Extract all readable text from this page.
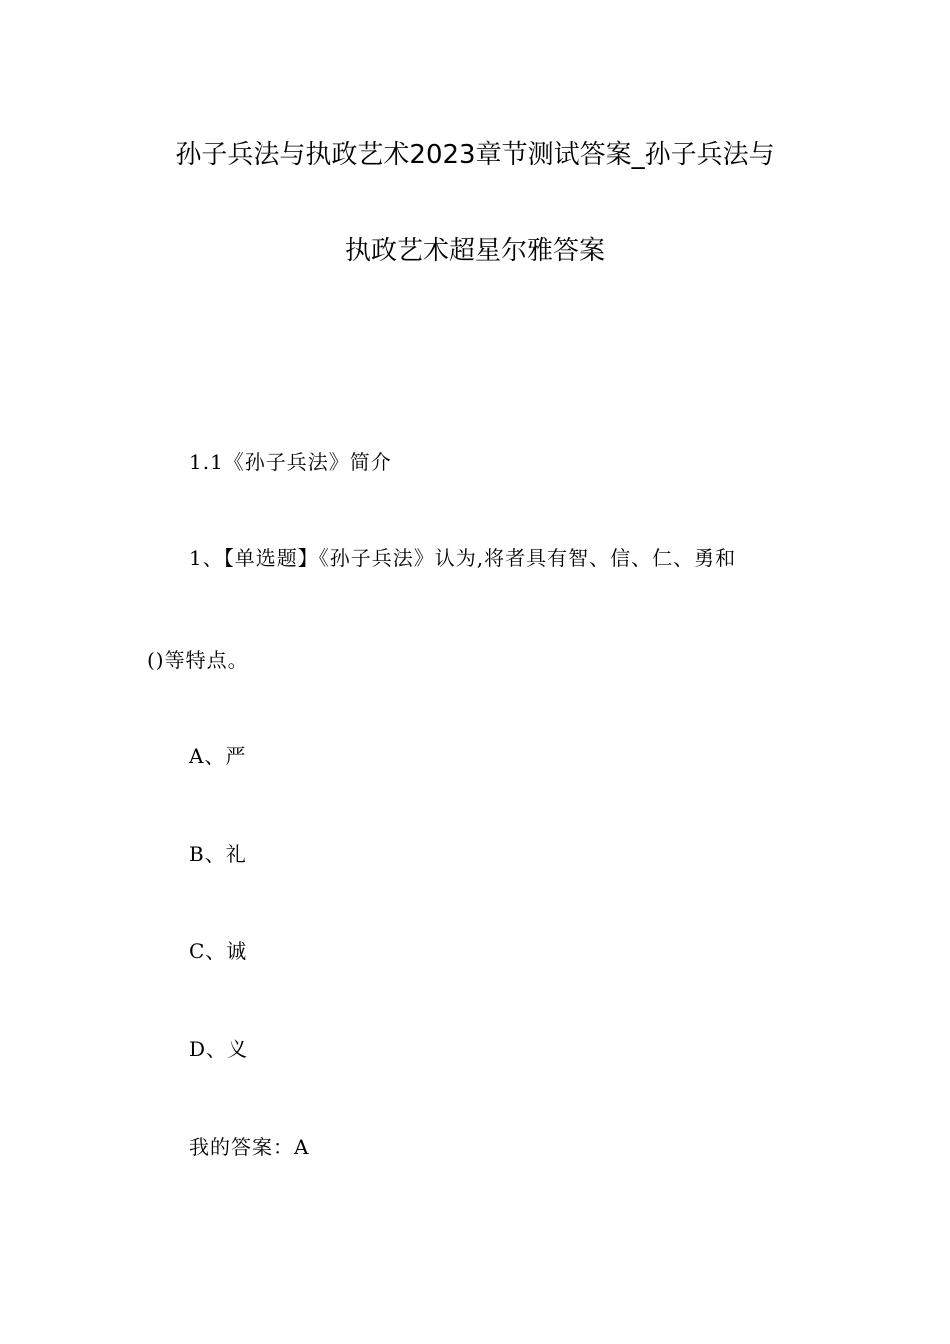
孙子兵法与执政艺术2023章节测试答案_孙子兵法与
执政艺术超星尔雅答案
1.1《孙子兵法》简介
1、【单选题】《孙子兵法》认为,将者具有智、信、仁、勇和
()等特点。
A、严
B、礼
C、诚
D、义
我的答案：A
